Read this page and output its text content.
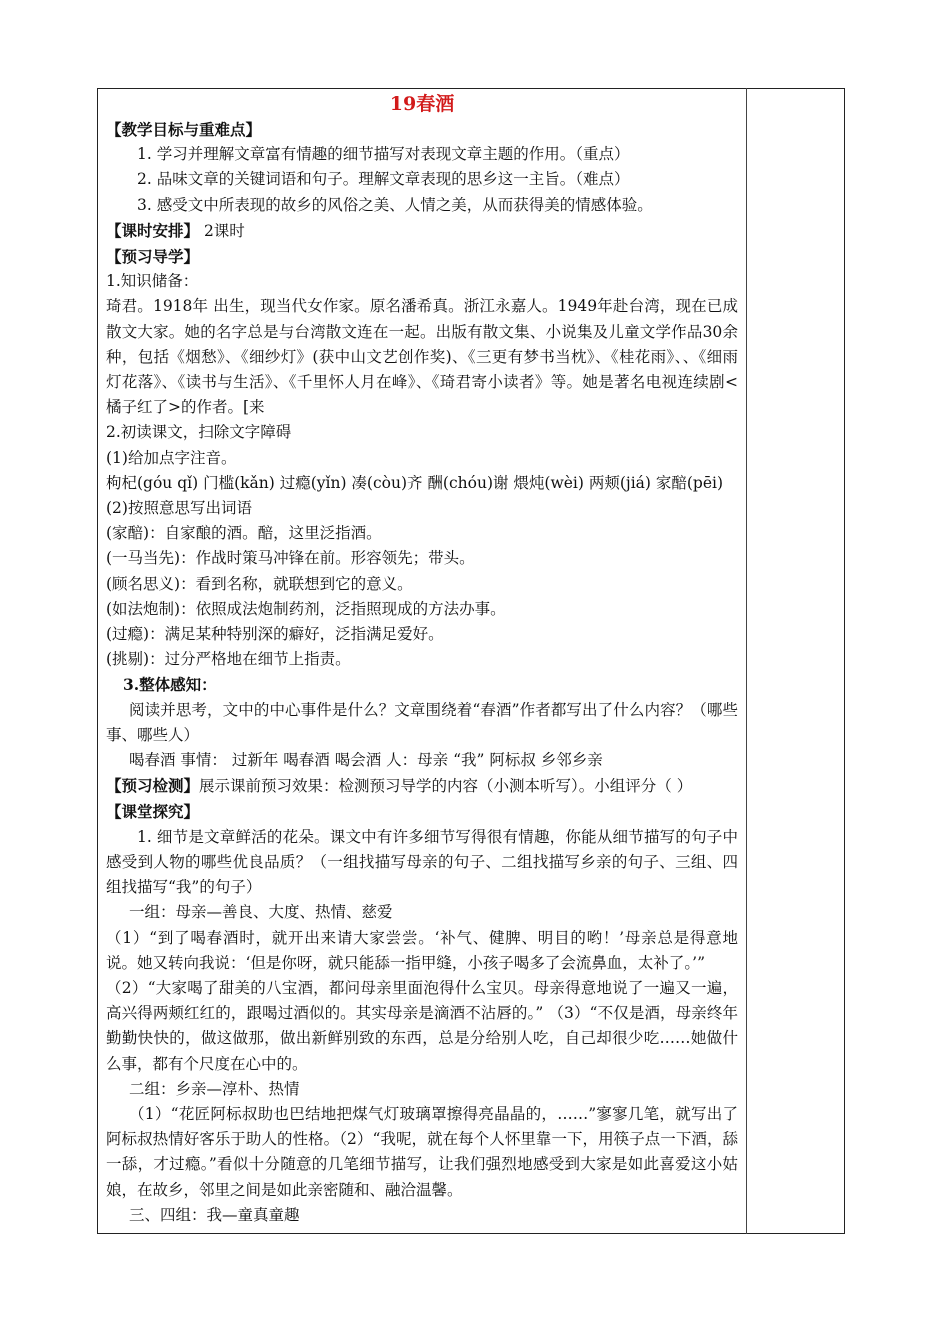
19春酒

【教学目标与重难点】

1. 学习并理解文章富有情趣的细节描写对表现文章主题的作用。（重点）

2. 品味文章的关键词语和句子。理解文章表现的思乡这一主旨。（难点）

3. 感受文中所表现的故乡的风俗之美、人情之美，从而获得美的情感体验。

【课时安排】 2课时

【预习导学】

1.知识储备：

琦君。1918年 出生，现当代女作家。原名潘希真。浙江永嘉人。1949年赴台湾，现在已成散文大家。她的名字总是与台湾散文连在一起。出版有散文集、小说集及儿童文学作品30余种，包括《烟愁》、《细纱灯》(获中山文艺创作奖)、《三更有梦书当枕》、《桂花雨》、、《细雨灯花落》、《读书与生活》、《千里怀人月在峰》、《琦君寄小读者》等。她是著名电视连续剧<橘子红了>的作者。[来

2.初读课文，扫除文字障碍

(1)给加点字注音。

枸杞(góu qǐ) 门槛(kǎn) 过瘾(yǐn) 凑(còu)齐 酬(chóu)谢 煨炖(wèi) 两颊(jiá) 家醅(pēi)

(2)按照意思写出词语

(家醅)：自家酿的酒。醅，这里泛指酒。

(一马当先)：作战时策马冲锋在前。形容领先；带头。

(顾名思义)：看到名称，就联想到它的意义。

(如法炮制)：依照成法炮制药剂，泛指照现成的方法办事。

(过瘾)：满足某种特别深的癖好，泛指满足爱好。

(挑剔)：过分严格地在细节上指责。

3.整体感知：

阅读并思考，文中的中心事件是什么？文章围绕着“春酒”作者都写出了什么内容？（哪些事、哪些人）

喝春酒 事情： 过新年 喝春酒 喝会酒 人：母亲 “我” 阿标叔 乡邻乡亲

【预习检测】展示课前预习效果：检测预习导学的内容（小测本听写）。小组评分（ ）

【课堂探究】

1. 细节是文章鲜活的花朵。课文中有许多细节写得很有情趣，你能从细节描写的句子中感受到人物的哪些优良品质？（一组找描写母亲的句子、二组找描写乡亲的句子、三组、四组找描写“我”的句子）

一组：母亲—善良、大度、热情、慈爱

（1）“到了喝春酒时，就开出来请大家尝尝。‘补气、健脾、明目的哟！’母亲总是得意地说。她又转向我说：‘但是你呀，就只能舔一指甲缝，小孩子喝多了会流鼻血，太补了。’”

（2）“大家喝了甜美的八宝酒，都问母亲里面泡得什么宝贝。母亲得意地说了一遍又一遍，高兴得两颊红红的，跟喝过酒似的。其实母亲是滴酒不沾唇的。” （3）“不仅是酒，母亲终年勤勤快快的，做这做那，做出新鲜别致的东西，总是分给别人吃，自己却很少吃……她做什么事，都有个尺度在心中的。

二组：乡亲—淳朴、热情

（1）“花匠阿标叔助也巴结地把煤气灯玻璃罩擦得亮晶晶的，……”寥寥几笔，就写出了阿标叔热情好客乐于助人的性格。（2）“我呢，就在每个人怀里靠一下，用筷子点一下酒，舔一舔，才过瘾。”看似十分随意的几笔细节描写，让我们强烈地感受到大家是如此喜爱这小姑娘，在故乡，邻里之间是如此亲密随和、融洽温馨。

三、四组：我—童真童趣
